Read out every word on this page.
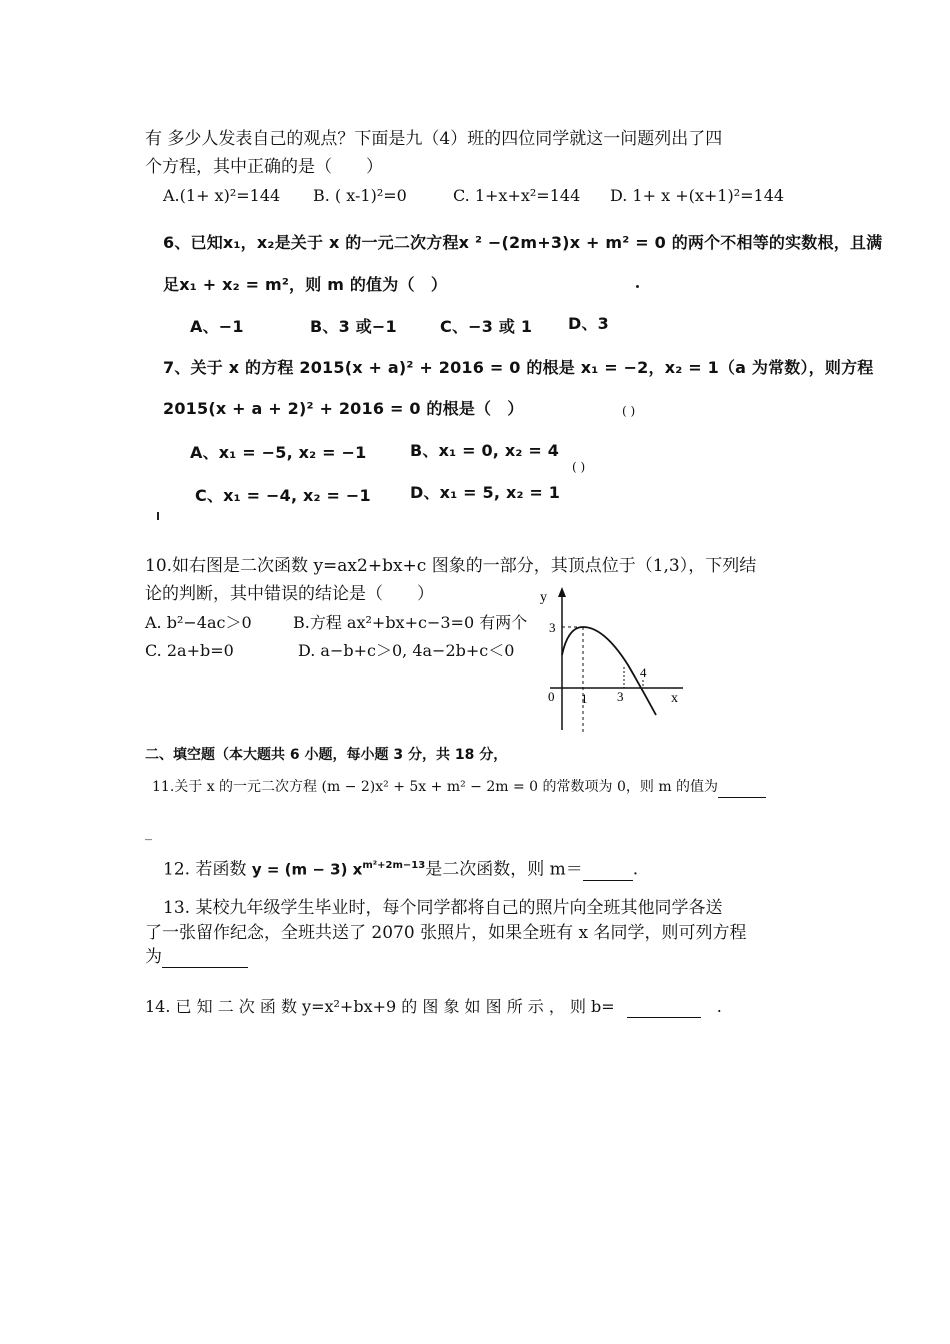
有 多少人发表自己的观点？下面是九（4）班的四位同学就这一问题列出了四
个方程，其中正确的是（　　）
A.(1+ x)²=144 B. ( x-1)²=0	C. 1+x+x²=144 D. 1+ x +(x+1)²=144
6、已知x₁，x₂是关于 x 的一元二次方程x ² −(2m+3)x + m² = 0 的两个不相等的实数根，且满
足x₁ + x₂ = m²，则 m 的值为（　）
A、−1	B、3 或−1	C、−3 或 1 D、3
7、关于 x 的方程 2015(x + a)² + 2016 = 0 的根是 x₁ = −2，x₂ = 1（a 为常数），则方程
2015(x + a + 2)² + 2016 = 0 的根是（　）	( )
( )
A、x₁ = −5, x₂ = −1	B、x₁ = 0, x₂ = 4
C、x₁ = −4, x₂ = −1 D、x₁ = 5, x₂ = 1
10.如右图是二次函数 y=ax2+bx+c 图象的一部分，其顶点位于（1,3），下列结
论的判断，其中错误的结论是（　　）
A. b²−4ac＞0	B.方程 ax²+bx+c−3=0 有两个
C. 2a+b=0	D. a−b+c＞0, 4a−2b+c＜0
y
x
0
3
1 3
4
二、填空题（本大题共 6 小题，每小题 3 分，共 18 分，
11.关于 x 的一元二次方程 (m − 2)x² + 5x + m² − 2m = 0 的常数项为 0，则 m 的值为
_
12. 若函数 y = (m − 3) $x^{m^2+2m-13}$是二次函数，则 m＝	.
13. 某校九年级学生毕业时，每个同学都将自己的照片向全班其他同学各送
了一张留作纪念，全班共送了 2070 张照片，如果全班有 x 名同学，则可列方程
为
14. 已 知 二 次 函 数 y=x²+bx+9 的 图 象 如 图 所 示 ， 则 b=	.
